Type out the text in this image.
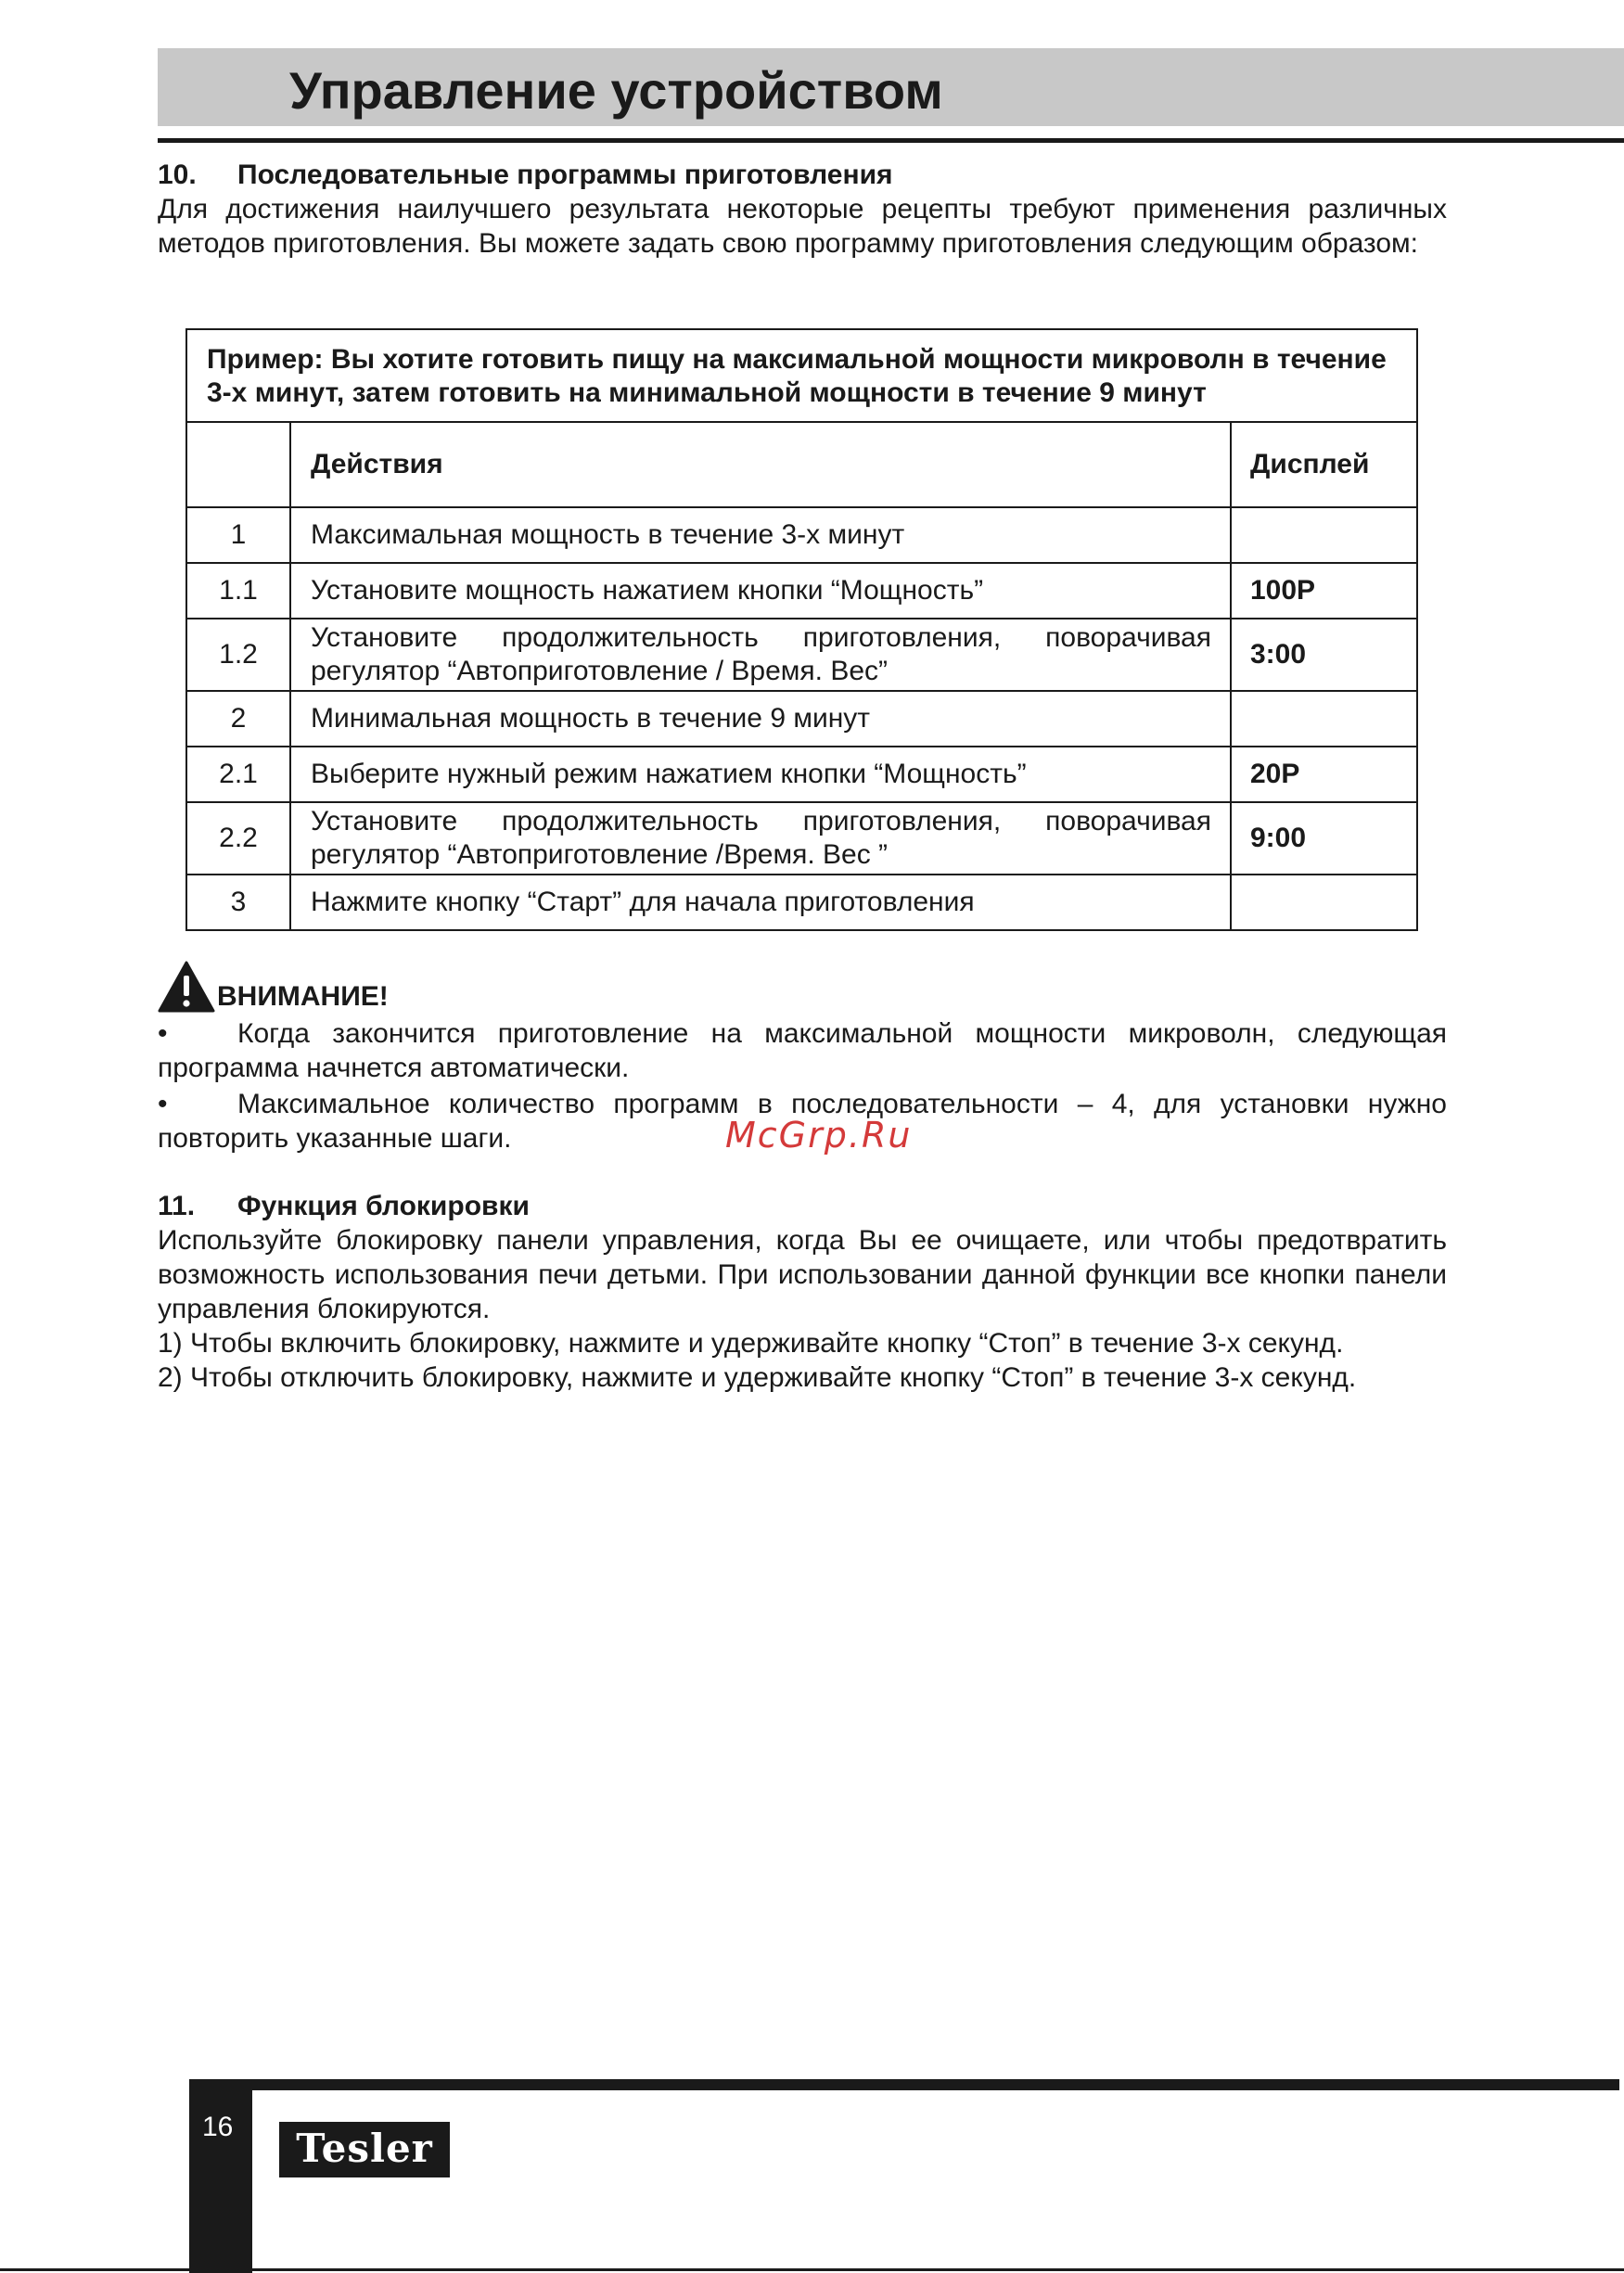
Управление устройством
10. Последовательные программы приготовления
Для достижения наилучшего результата некоторые рецепты требуют применения различных методов приготовления. Вы можете задать свою программу приготовления следующим образом:
Пример: Вы хотите готовить пищу на максимальной мощности микроволн в течение 3-х минут, затем готовить на минимальной мощности в течение 9 минут		
	Действия	Дисплей
1	Максимальная мощность в течение 3-х минут	
1.1	Установите мощность нажатием кнопки “Мощность”	100P
1.2	Установите продолжительность приготовления, поворачивая регулятор “Автоприготовление / Время. Вес”	3:00
2	Минимальная мощность в течение 9 минут	
2.1	Выберите нужный режим нажатием кнопки “Мощность”	20P
2.2	Установите продолжительность приготовления, поворачивая регулятор “Автоприготовление /Время. Вес ”	9:00
3	Нажмите кнопку “Старт” для начала приготовления	
ВНИМАНИЕ!
•	Когда закончится приготовление на максимальной мощности микроволн, следующая
программа начнется автоматически.
•	Максимальное количество программ в последовательности – 4, для установки нужно
повторить указанные шаги.	McGrp.Ru
11. Функция блокировки
Используйте блокировку панели управления, когда Вы ее очищаете, или чтобы предотвратить возможность использования печи детьми. При использовании данной функции все кнопки панели управления блокируются.
1) Чтобы включить блокировку, нажмите и удерживайте кнопку “Стоп” в течение 3-х секунд.
2) Чтобы отключить блокировку, нажмите и удерживайте кнопку “Стоп” в течение 3-х секунд.
16	Tesler
